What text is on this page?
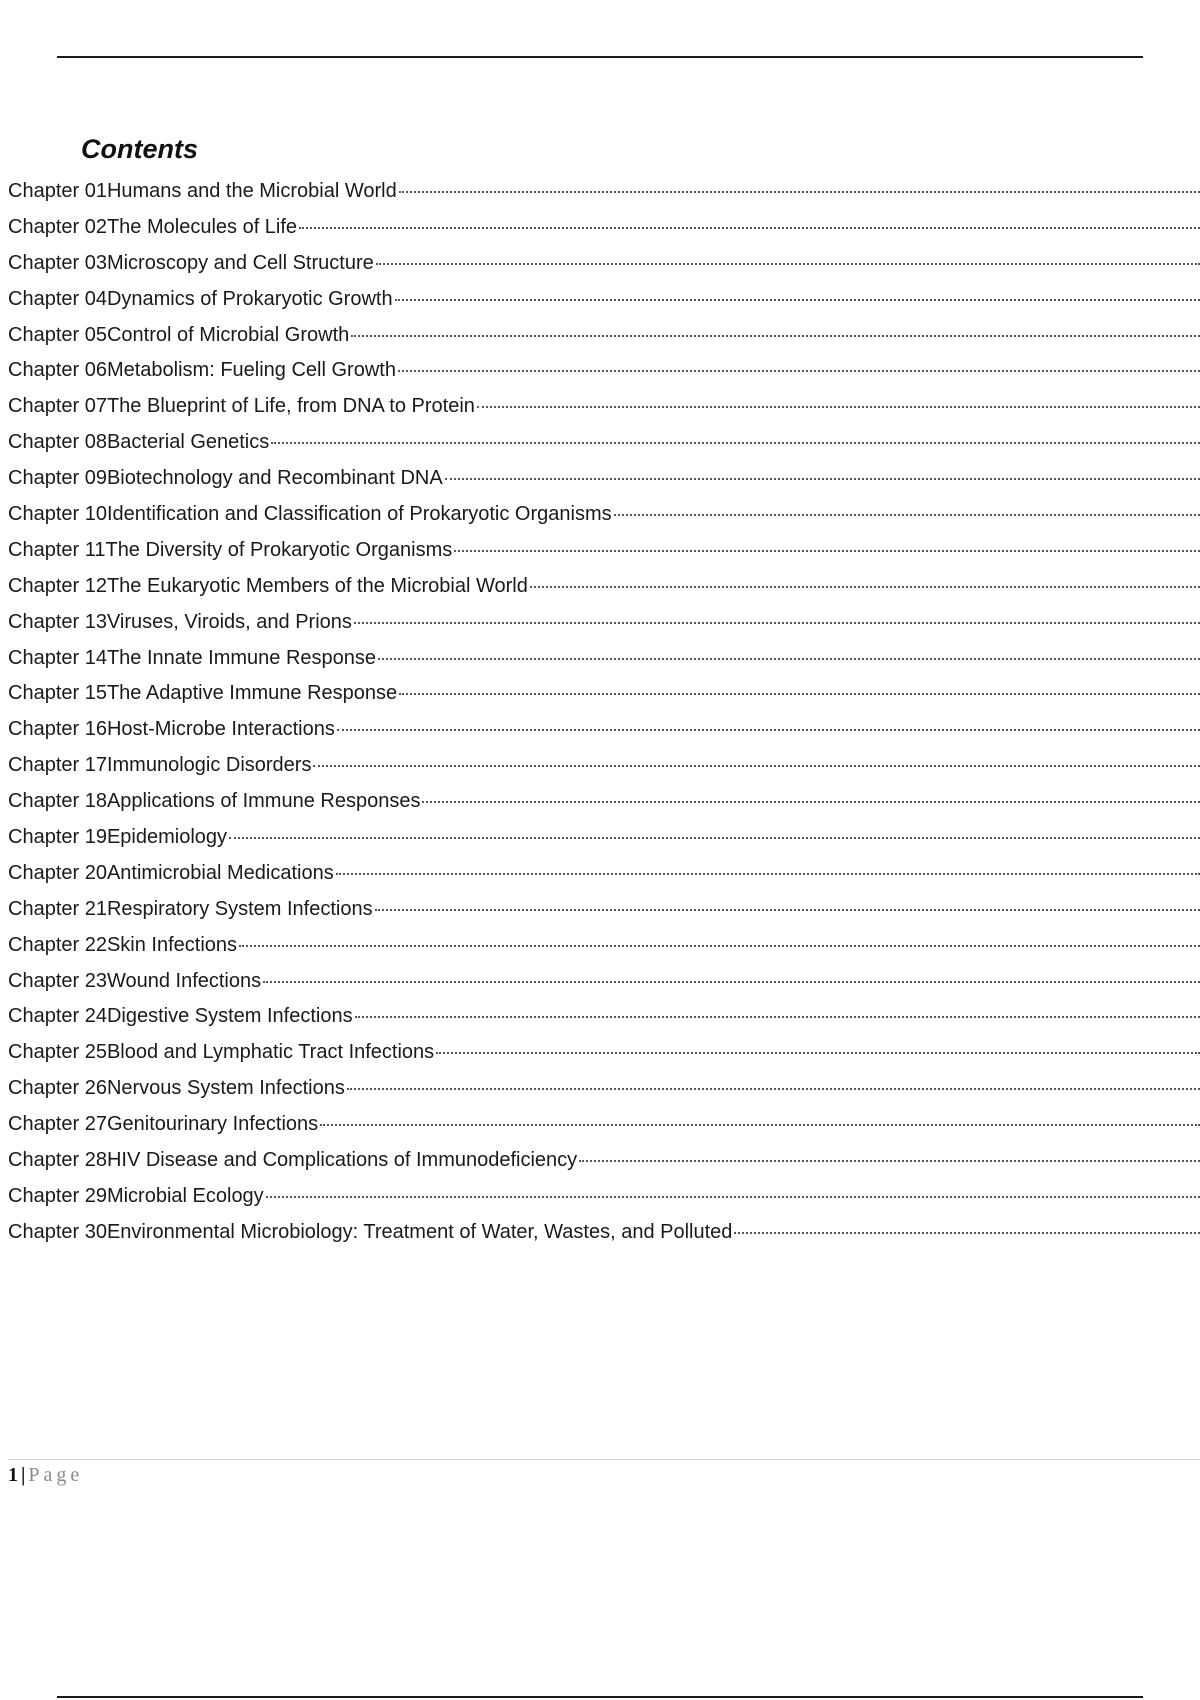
Contents
Chapter 01Humans and the Microbial World
Chapter 02The Molecules of Life
Chapter 03Microscopy and Cell Structure
Chapter 04Dynamics of Prokaryotic Growth
Chapter 05Control of Microbial Growth
Chapter 06Metabolism: Fueling Cell Growth
Chapter 07The Blueprint of Life, from DNA to Protein
Chapter 08Bacterial Genetics
Chapter 09Biotechnology and Recombinant DNA
Chapter 10Identification and Classification of Prokaryotic Organisms
Chapter 11The Diversity of Prokaryotic Organisms
Chapter 12The Eukaryotic Members of the Microbial World
Chapter 13Viruses, Viroids, and Prions
Chapter 14The Innate Immune Response
Chapter 15The Adaptive Immune Response
Chapter 16Host-Microbe Interactions
Chapter 17Immunologic Disorders
Chapter 18Applications of Immune Responses
Chapter 19Epidemiology
Chapter 20Antimicrobial Medications
Chapter 21Respiratory System Infections
Chapter 22Skin Infections
Chapter 23Wound Infections
Chapter 24Digestive System Infections
Chapter 25Blood and Lymphatic Tract Infections
Chapter 26Nervous System Infections
Chapter 27Genitourinary Infections
Chapter 28HIV Disease and Complications of Immunodeficiency
Chapter 29Microbial Ecology
Chapter 30Environmental Microbiology: Treatment of Water, Wastes, and Polluted
1 | Page
